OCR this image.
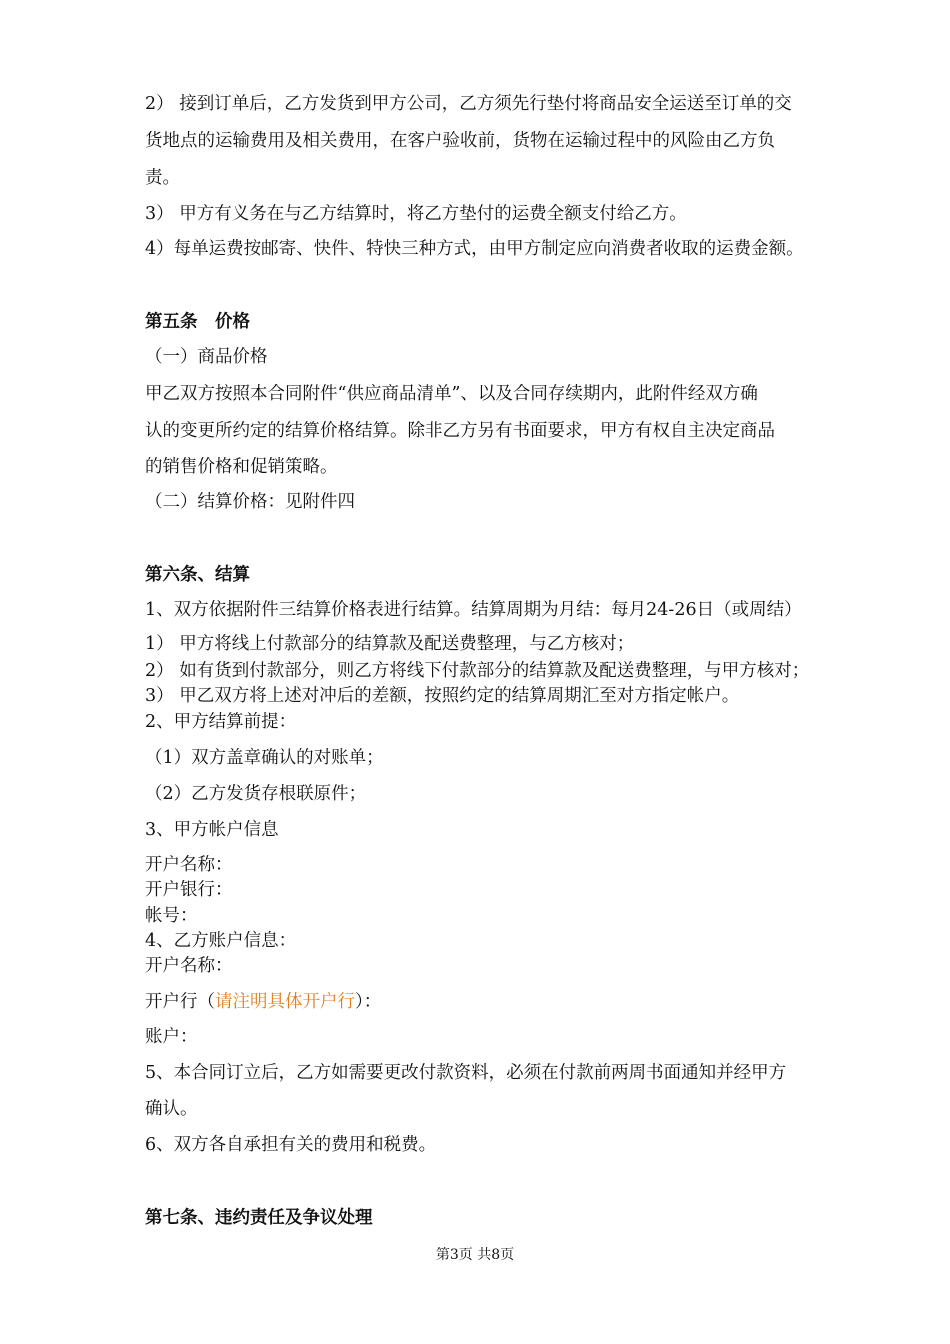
2） 接到订单后，乙方发货到甲方公司，乙方须先行垫付将商品安全运送至订单的交
货地点的运输费用及相关费用，在客户验收前，货物在运输过程中的风险由乙方负
责。
3） 甲方有义务在与乙方结算时，将乙方垫付的运费全额支付给乙方。
4）每单运费按邮寄、快件、特快三种方式，由甲方制定应向消费者收取的运费金额。
第五条　价格
（一）商品价格
甲乙双方按照本合同附件“供应商品清单”、以及合同存续期内，此附件经双方确
认的变更所约定的结算价格结算。除非乙方另有书面要求，甲方有权自主决定商品
的销售价格和促销策略。
（二）结算价格：见附件四
第六条、结算
1、双方依据附件三结算价格表进行结算。结算周期为月结：每月24-26日（或周结）
1） 甲方将线上付款部分的结算款及配送费整理，与乙方核对；
2） 如有货到付款部分，则乙方将线下付款部分的结算款及配送费整理，与甲方核对；
3） 甲乙双方将上述对冲后的差额，按照约定的结算周期汇至对方指定帐户。
2、甲方结算前提：
（1）双方盖章确认的对账单；
（2）乙方发货存根联原件；
3、甲方帐户信息
开户名称：
开户银行：
帐号：
4、乙方账户信息：
开户名称：
开户行（请注明具体开户行）：
账户：
5、本合同订立后，乙方如需要更改付款资料，必须在付款前两周书面通知并经甲方
确认。
6、双方各自承担有关的费用和税费。
第七条、违约责任及争议处理
第3页 共8页
